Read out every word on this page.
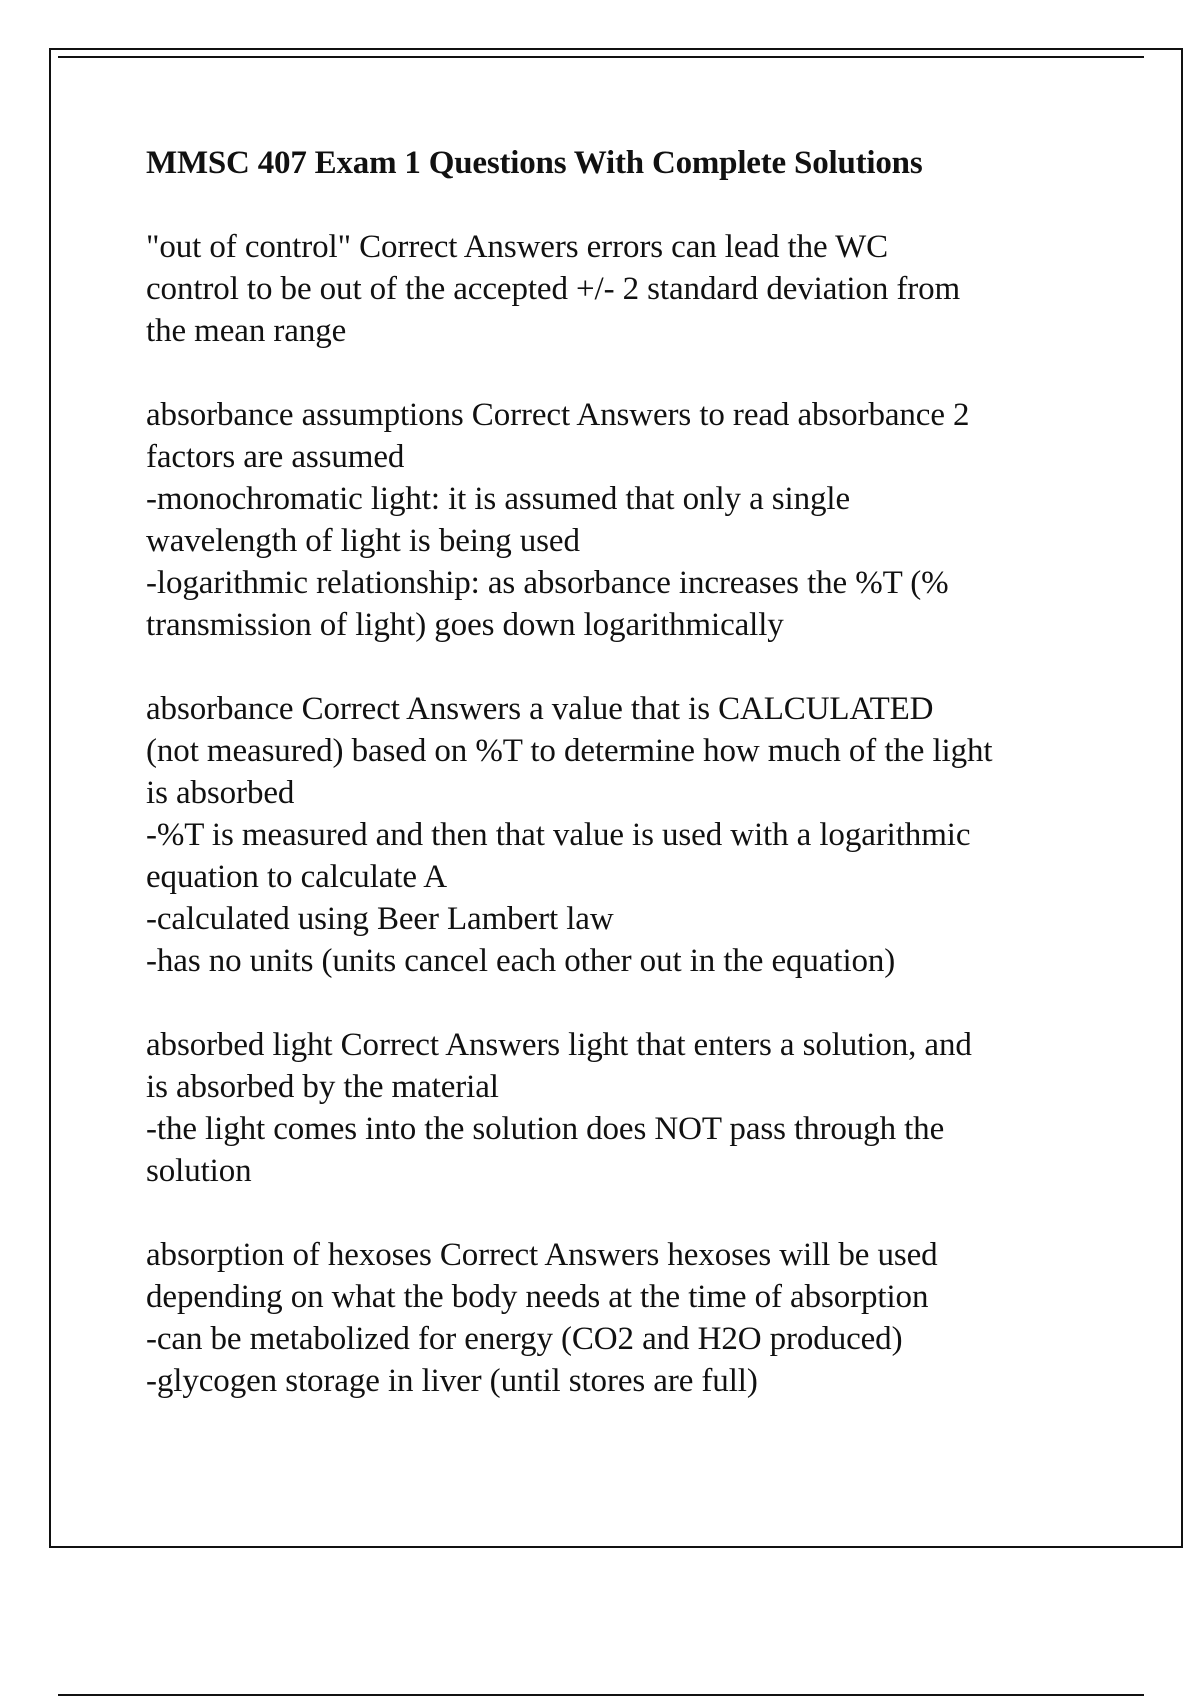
MMSC 407 Exam 1 Questions With Complete Solutions
"out of control" Correct Answers errors can lead the WC
control to be out of the accepted +/- 2 standard deviation from
the mean range
absorbance assumptions Correct Answers to read absorbance 2
factors are assumed
-monochromatic light: it is assumed that only a single
wavelength of light is being used
-logarithmic relationship: as absorbance increases the %T (%
transmission of light) goes down logarithmically
absorbance Correct Answers a value that is CALCULATED
(not measured) based on %T to determine how much of the light
is absorbed
-%T is measured and then that value is used with a logarithmic
equation to calculate A
-calculated using Beer Lambert law
-has no units (units cancel each other out in the equation)
absorbed light Correct Answers light that enters a solution, and
is absorbed by the material
-the light comes into the solution does NOT pass through the
solution
absorption of hexoses Correct Answers hexoses will be used
depending on what the body needs at the time of absorption
-can be metabolized for energy (CO2 and H2O produced)
-glycogen storage in liver (until stores are full)
